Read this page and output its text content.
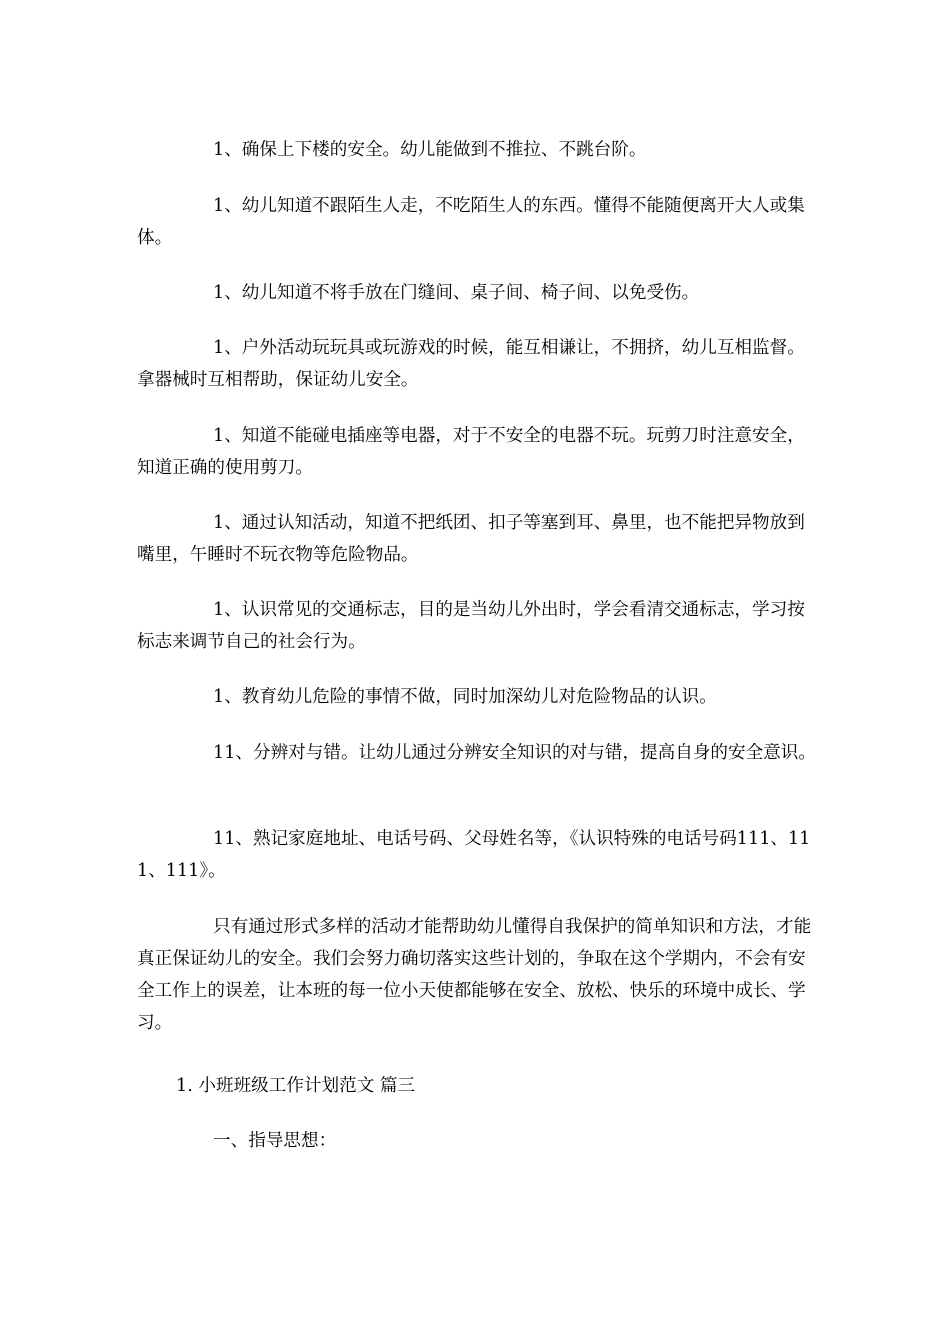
1、确保上下楼的安全。幼儿能做到不推拉、不跳台阶。

1、幼儿知道不跟陌生人走，不吃陌生人的东西。懂得不能随便离开大人或集体。

1、幼儿知道不将手放在门缝间、桌子间、椅子间、以免受伤。

1、户外活动玩玩具或玩游戏的时候，能互相谦让，不拥挤，幼儿互相监督。拿器械时互相帮助，保证幼儿安全。

1、知道不能碰电插座等电器，对于不安全的电器不玩。玩剪刀时注意安全，知道正确的使用剪刀。

1、通过认知活动，知道不把纸团、扣子等塞到耳、鼻里，也不能把异物放到嘴里，午睡时不玩衣物等危险物品。

1、认识常见的交通标志，目的是当幼儿外出时，学会看清交通标志，学习按标志来调节自己的社会行为。

1、教育幼儿危险的事情不做，同时加深幼儿对危险物品的认识。

11、分辨对与错。让幼儿通过分辨安全知识的对与错，提高自身的安全意识。

11、熟记家庭地址、电话号码、父母姓名等，《认识特殊的电话号码111、111、111》。

只有通过形式多样的活动才能帮助幼儿懂得自我保护的简单知识和方法，才能真正保证幼儿的安全。我们会努力确切落实这些计划的，争取在这个学期内，不会有安全工作上的误差，让本班的每一位小天使都能够在安全、放松、快乐的环境中成长、学习。

1. 小班班级工作计划范文 篇三

一、指导思想：
